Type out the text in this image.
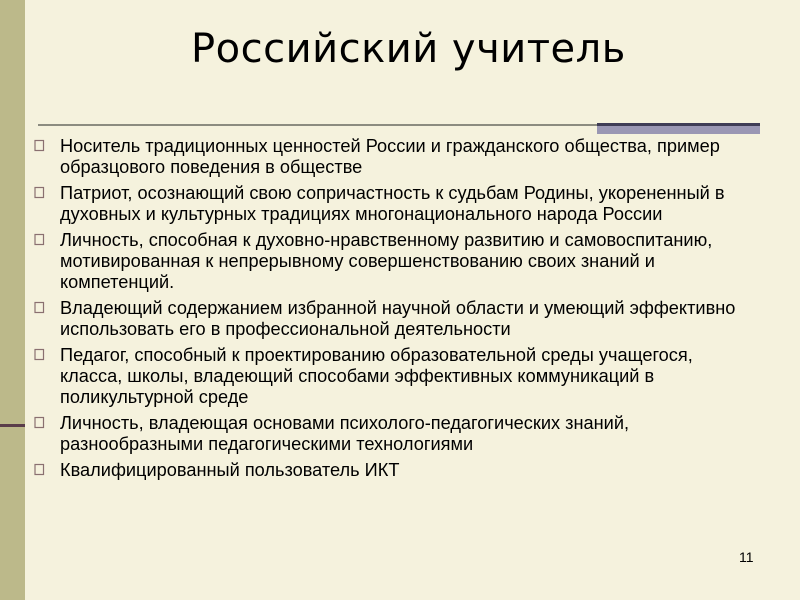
Российский учитель
Носитель традиционных ценностей России и гражданского общества, пример образцового поведения в обществе
Патриот, осознающий свою сопричастность к судьбам Родины, укорененный в духовных и культурных традициях многонационального народа России
Личность, способная к духовно-нравственному развитию и самовоспитанию, мотивированная к непрерывному совершенствованию своих знаний и компетенций.
Владеющий содержанием избранной научной области и умеющий эффективно использовать его в профессиональной деятельности
Педагог, способный к проектированию образовательной среды учащегося, класса, школы, владеющий способами эффективных коммуникаций в поликультурной среде
Личность, владеющая основами психолого-педагогических знаний, разнообразными педагогическими технологиями
Квалифицированный пользователь ИКТ
11
